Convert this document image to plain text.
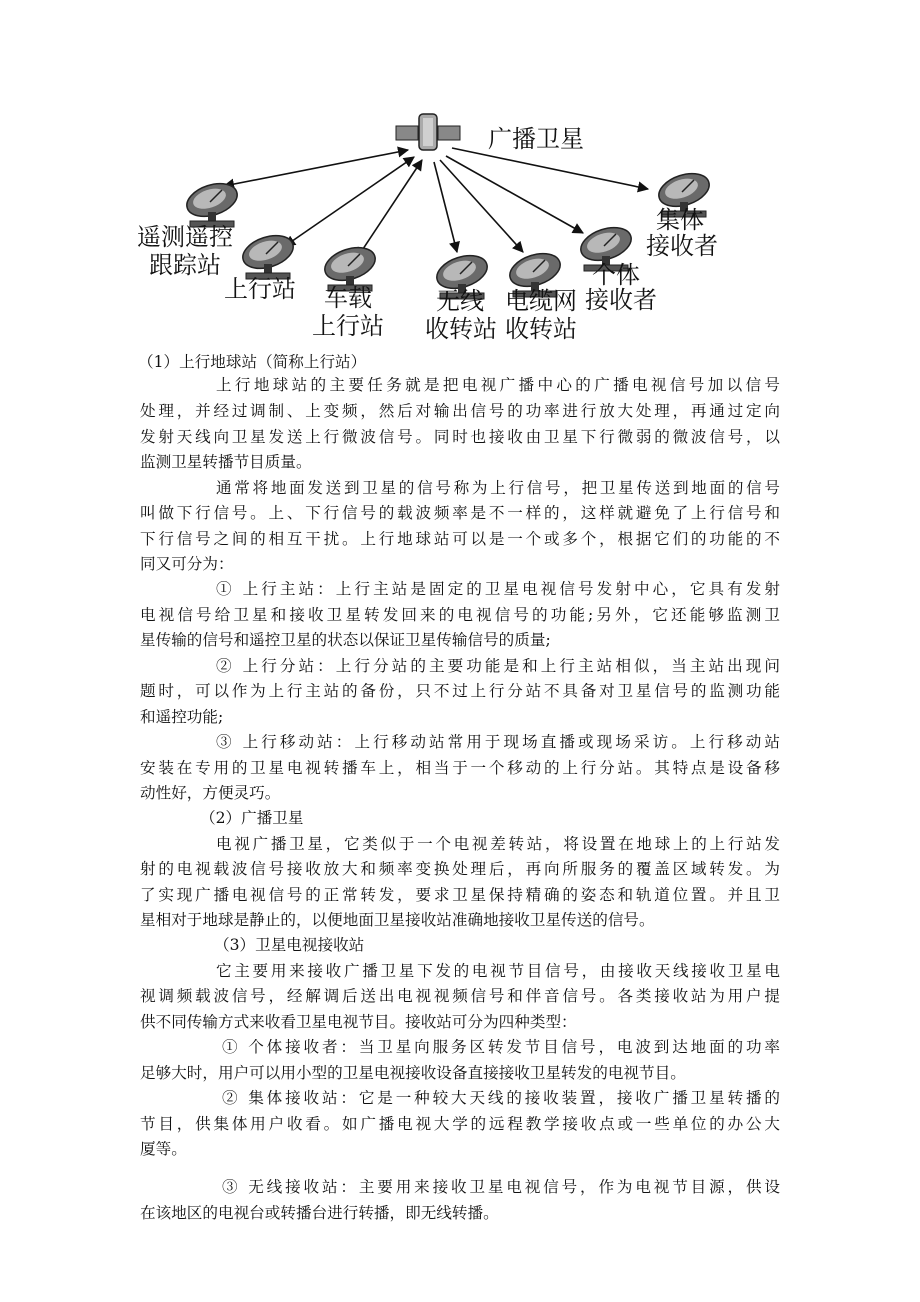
广播卫星
遥测遥控
跟踪站
上行站 车载
上行站
无线
收转站
电缆网
收转站
个体
接收者
集体
接收者
（1）上行地球站（简称上行站）
上行地球站的主要任务就是把电视广播中心的广播电视信号加以信号
处理，并经过调制、上变频，然后对输出信号的功率进行放大处理，再通过定向
发射天线向卫星发送上行微波信号。同时也接收由卫星下行微弱的微波信号，以
监测卫星转播节目质量。
通常将地面发送到卫星的信号称为上行信号，把卫星传送到地面的信号
叫做下行信号。上、下行信号的载波频率是不一样的，这样就避免了上行信号和
下行信号之间的相互干扰。上行地球站可以是一个或多个，根据它们的功能的不
同又可分为：
① 上行主站：上行主站是固定的卫星电视信号发射中心，它具有发射
电视信号给卫星和接收卫星转发回来的电视信号的功能;另外，它还能够监测卫
星传输的信号和遥控卫星的状态以保证卫星传输信号的质量;
② 上行分站：上行分站的主要功能是和上行主站相似，当主站出现问
题时，可以作为上行主站的备份，只不过上行分站不具备对卫星信号的监测功能
和遥控功能;
③ 上行移动站：上行移动站常用于现场直播或现场采访。上行移动站
安装在专用的卫星电视转播车上，相当于一个移动的上行分站。其特点是设备移
动性好，方便灵巧。
（2）广播卫星
电视广播卫星，它类似于一个电视差转站，将设置在地球上的上行站发
射的电视载波信号接收放大和频率变换处理后，再向所服务的覆盖区域转发。为
了实现广播电视信号的正常转发，要求卫星保持精确的姿态和轨道位置。并且卫
星相对于地球是静止的，以便地面卫星接收站准确地接收卫星传送的信号。
（3）卫星电视接收站
它主要用来接收广播卫星下发的电视节目信号，由接收天线接收卫星电
视调频载波信号，经解调后送出电视视频信号和伴音信号。各类接收站为用户提
供不同传输方式来收看卫星电视节目。接收站可分为四种类型：
① 个体接收者：当卫星向服务区转发节目信号，电波到达地面的功率
足够大时，用户可以用小型的卫星电视接收设备直接接收卫星转发的电视节目。
② 集体接收站：它是一种较大天线的接收装置，接收广播卫星转播的
节目，供集体用户收看。如广播电视大学的远程教学接收点或一些单位的办公大
厦等。
③ 无线接收站：主要用来接收卫星电视信号，作为电视节目源，供设
在该地区的电视台或转播台进行转播，即无线转播。
